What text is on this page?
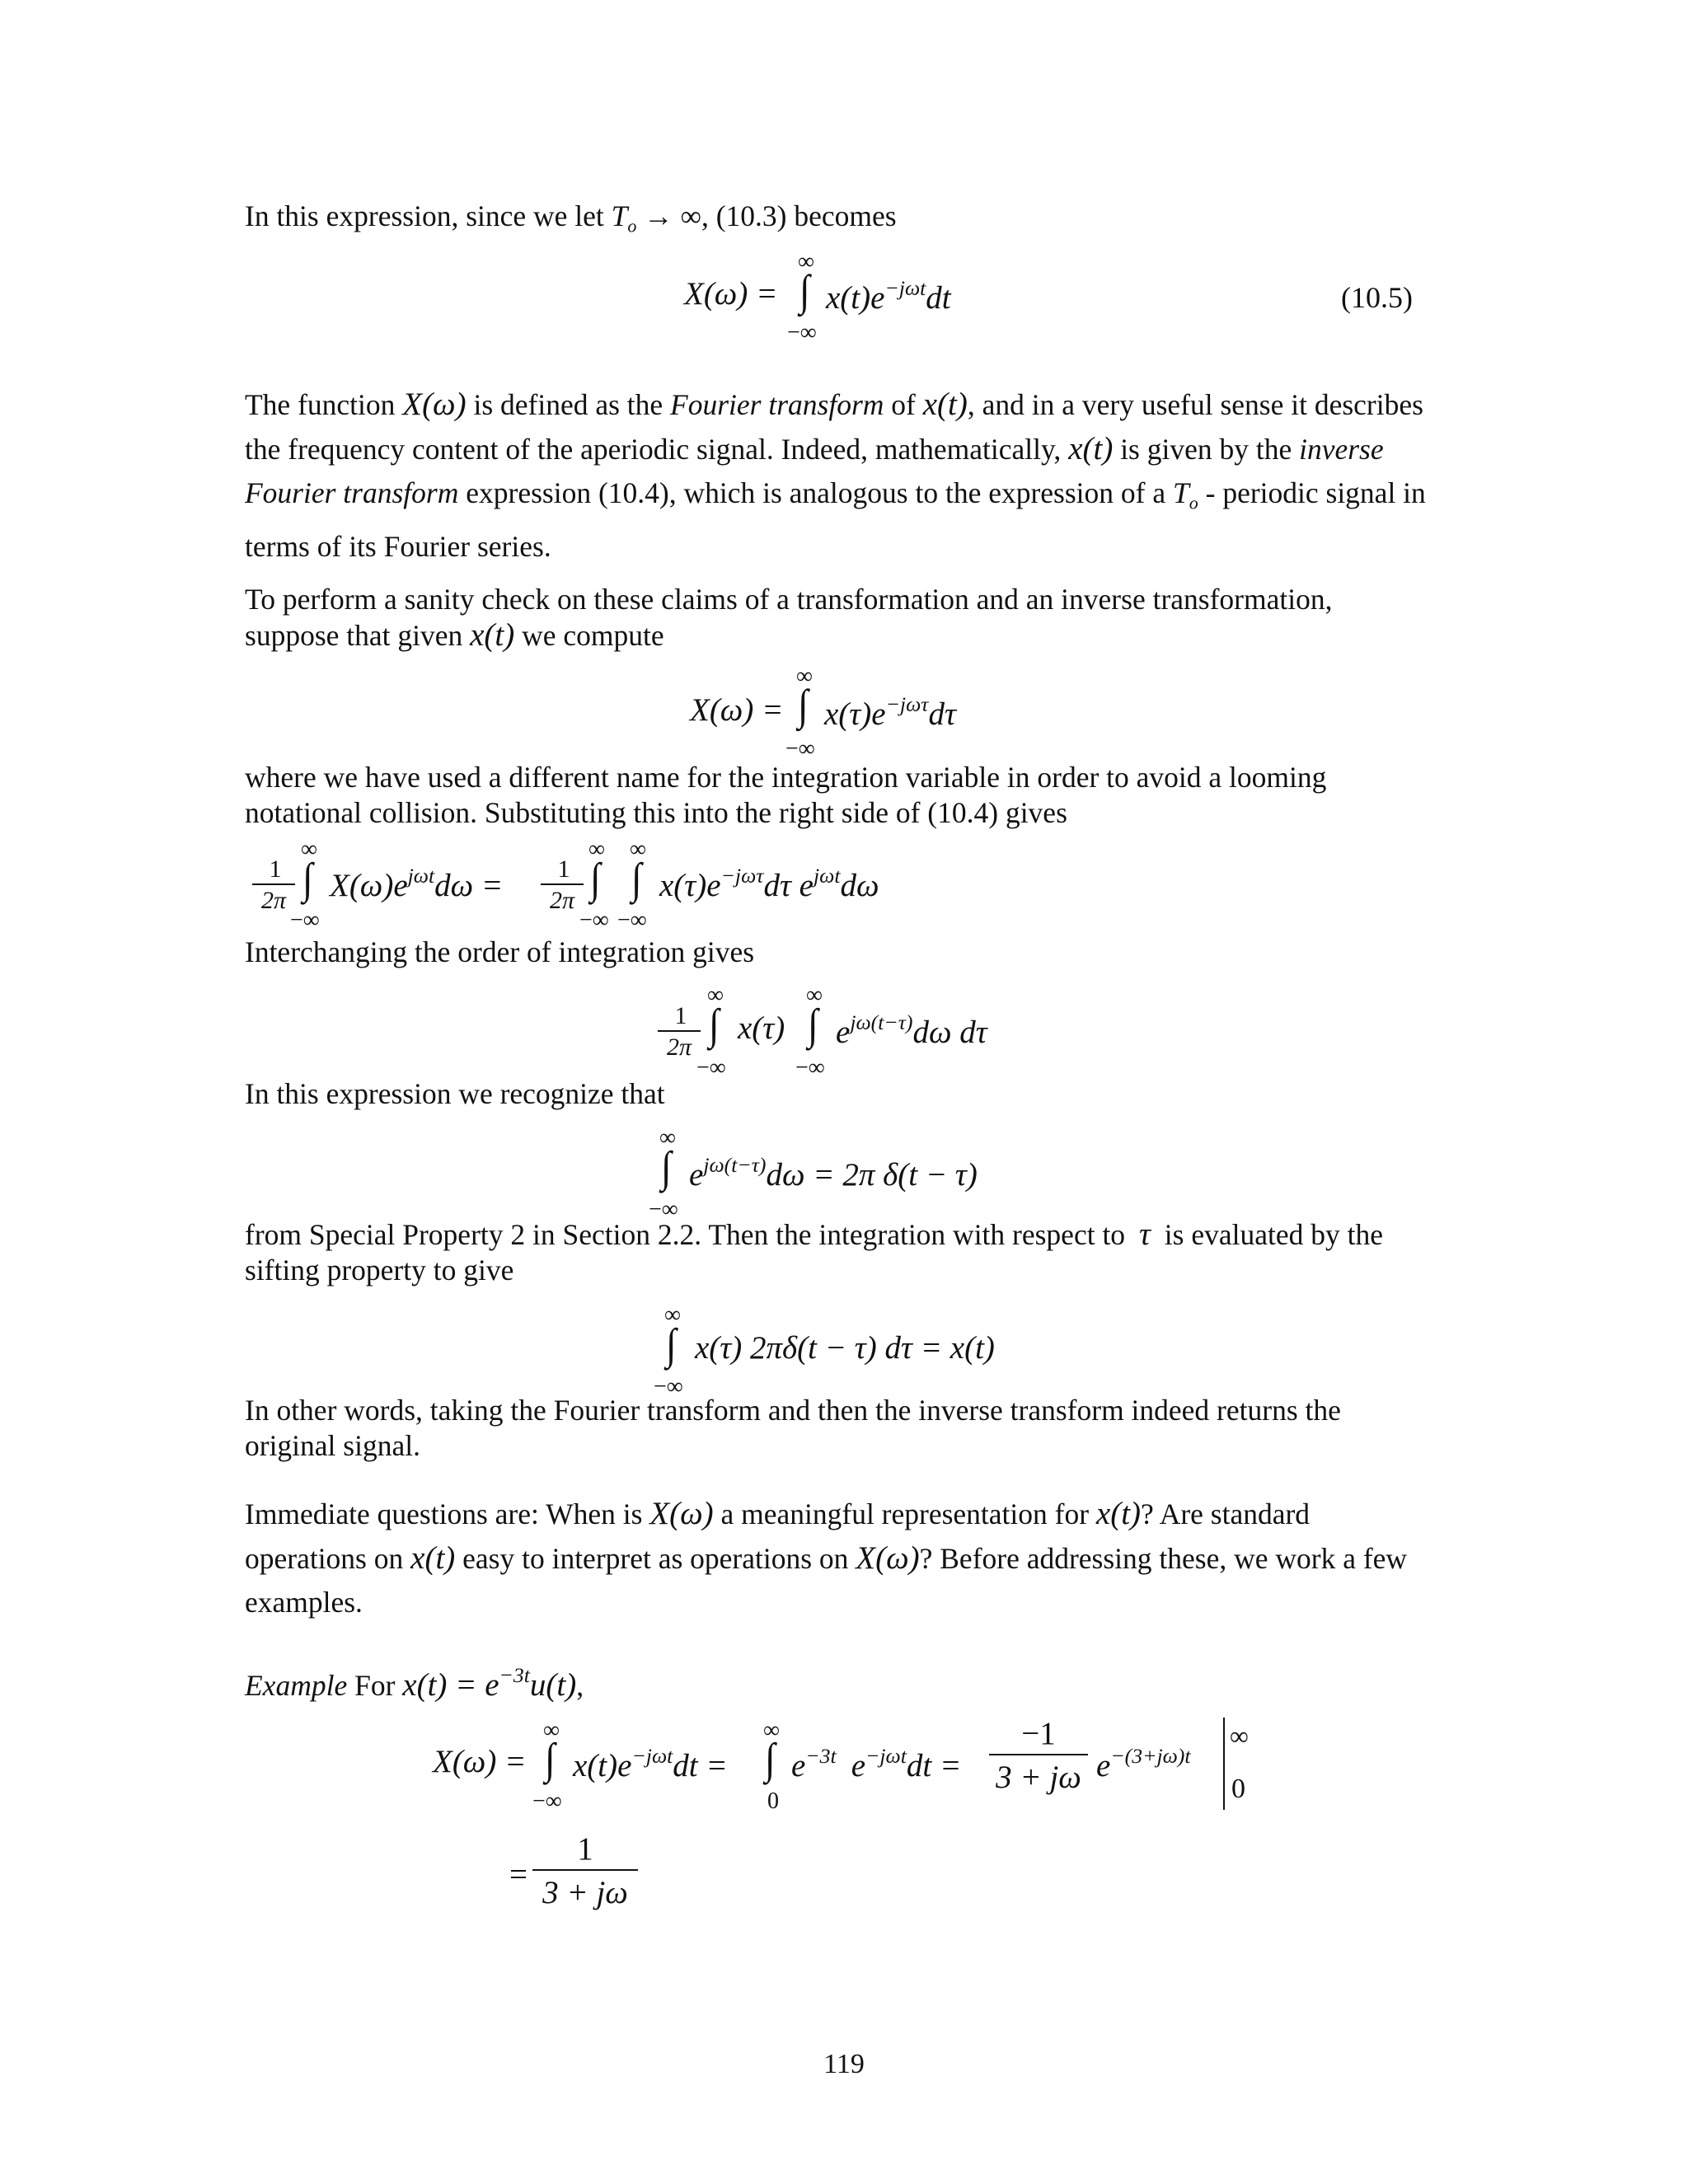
In this expression, since we let $T_o$ → ∞, (10.3) becomes
X(ω) =
∞
∫
−∞
$x(t)e^{-j\omega t}dt$	(10.5)
The function X(ω) is defined as the Fourier transform of x(t), and in a very useful sense it describes the frequency content of the aperiodic signal. Indeed, mathematically, x(t) is given by the inverse Fourier transform expression (10.4), which is analogous to the expression of a $T_o$ - periodic signal in terms of its Fourier series.
To perform a sanity check on these claims of a transformation and an inverse transformation, suppose that given x(t) we compute
X(ω) =
∞
∫
−∞
$x(\tau)e^{-j\omega\tau}d\tau$
where we have used a different name for the integration variable in order to avoid a looming notational collision. Substituting this into the right side of (10.4) gives
1
2π
∞
∫
−∞
$X(\omega)e^{j\omega t}d\omega$ =	1
2π
∞
∫
−∞
∞
∫
−∞
$x(\tau)e^{-j\omega\tau}d\tau$ $e^{j\omega t}d\omega$
Interchanging the order of integration gives
1
2π
∞
∫
−∞
x(τ)
∞
∫
−∞
$e^{j\omega(t-\tau)}d\omega$ dτ
In this expression we recognize that
∞
∫
−∞
$e^{j\omega(t-\tau)}d\omega = 2\pi$ δ(t − τ)
from Special Property 2 in Section 2.2. Then the integration with respect to τ is evaluated by the sifting property to give
∞
∫
−∞
x(τ) 2πδ(t − τ) dτ = x(t)
In other words, taking the Fourier transform and then the inverse transform indeed returns the original signal.
Immediate questions are: When is X(ω) a meaningful representation for x(t)? Are standard operations on x(t) easy to interpret as operations on X(ω)? Before addressing these, we work a few examples.
Example For $x(t) = e^{-3t}u(t)$,
X(ω) =
∞
∫
−∞
$x(t)e^{-j\omega t}dt$ =
∞
∫
0
$e^{-3t}$ $e^{-j\omega t}dt$ =
−1
3 + jω $e^{-(3+j\omega)t}$
∞
0
=
1
3 + jω
119
